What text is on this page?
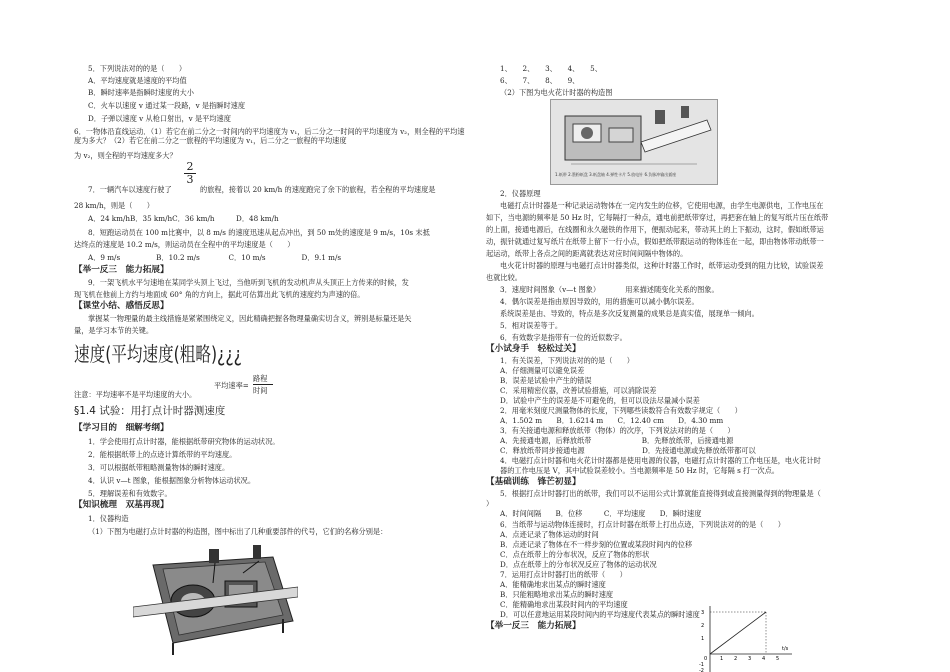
5．下列说法对的的是（　　）
A．平均速度就是速度的平均值
B．瞬时速率是指瞬时速度的大小
C．火车以速度 v 通过某一段路，v 是指瞬时速度
D．子弹以速度 v 从枪口射出，v 是平均速度
6．一物体沿直线运动．（1）若它在前二分之一时间内的平均速度为 v₁，后二分之一时间的平均速度为 v₂，则全程的平均速度为多大？（2）若它在前二分之一旅程的平均速度为 v₁，后二分之一旅程的平均速度
为 v₂，则全程的平均速度多大？
2
3
7．一辆汽车以速度行驶了	的旅程，接着以 20 km/h 的速度跑完了余下的旅程，若全程的平均速度是
28 km/h，则是（　　）
A．24 km/hB．35 km/hC．36 km/h　　　D．48 km/h
8．短跑运动员在 100 m比赛中，以 8 m/s 的速度迅速从起点冲出，到 50 m处的速度是 9 m/s，10s 末抵
达终点的速度是 10.2 m/s，则运动员在全程中的平均速度是（　　）
A．9 m/s　　　　　B．10.2 m/s　　　　C．10 m/s　　　　　D．9.1 m/s
【举一反三　能力拓展】
9．一架飞机水平匀速地在某同学头顶上飞过，当他听到飞机的发动机声从头顶正上方传来的时候，发
现飞机在他前上方约与地面成 60° 角的方向上，据此可估算出此飞机的速度约为声速的倍。
【课堂小结、感悟反思】
掌握某一物理量的最主线措施是紧紧围绕定义，因此精确把握各物理量确实切含义，辨别是标量还是矢
量，是学习本节的关键。
速度(平均速度(粗略)¿¿¿
平均速率=
路程
时间
注意：平均速率不是平均速度的大小。
§1.4 试验：用打点计时器测速度
【学习目的　细解考纲】
1．学会使用打点计时器，能根据纸带研究物体的运动状况。
2．能根据纸带上的点迹计算纸带的平均速度。
3．可以根据纸带粗略测量物体的瞬时速度。
4．认识 v—t 图象，能根据图象分析物体运动状况。
5．理解误差和有效数字。
【知识梳理　双基再现】
1．仪器构造
（1）下图为电磁打点计时器的构造图，图中标出了几种重要部件的代号，它们的名称分别是：
1、　　2、　　3、　　4、　　5、
6、　　7、　　8、　　9、
（2）下图为电火花计时器的构造图
1.纸带 2.墨粉纸盘 3.纸盘轴 4.弹性卡片 5.放电针 6.负脉冲输出插座
2．仪器原理
电磁打点计时器是一种记录运动物体在一定内发生的位移，它使用电源，由学生电源供电，工作电压在
如下，当电源的频率是 50 Hz 时，它每隔打一种点，通电前把纸带穿过，再把套在轴上的复写纸片压在纸带
的上面，接通电源后，在线圈和永久磁铁的作用下，便振动起来，带动其上的上下振动，这时，假如纸带运
动，振针就通过复写纸片在纸带上留下一行小点，假如把纸带跟运动的物体连在一起，即由物体带动纸带一
起运动，纸带上各点之间的距离就表达对应时间间隔中物体的。
电火花计时器的原理与电磁打点计时器类似，这种计时器工作时，纸带运动受到的阻力比较，试验误差
也就比较。
3．速度时间图象（v—t 图象）　　　　用来描述随变化关系的图象。
4．偶尔误差是指由原因导致的，用的措施可以减小偶尔误差。
系统误差是由、导致的，特点是多次反复测量的成果总是真实值，展现单一倾向。
5．相对误差等于。
6．有效数字是指带有一位的近似数字。
【小试身手　轻松过关】
1．有关误差，下列说法对的的是（　　）
A．仔细测量可以避免误差
B．误差是试验中产生的错误
C．采用精密仪器，改善试验措施，可以消除误差
D．试验中产生的误差是不可避免的，但可以设法尽量减小误差
2．用毫米刻度尺测量物体的长度，下列哪些读数符合有效数字规定（　　）
A．1.502 m　　B．1.6214 m　　C．12.40 cm　　D．4.30 mm
3．有关接通电源和释放纸带（物体）的次序，下列说法对的的是（　　）
A．先接通电源，后释放纸带　　　　　　　B．先释放纸带，后接通电源
C．释放纸带同步接通电源　　　　　　　　D．先接通电源或先释放纸带都可以
4．电磁打点计时器和电火花计时器都是使用电源的仪器，电磁打点计时器的工作电压是，电火花计时
器的工作电压是 V，其中试验误差较小。当电源频率是 50 Hz 时，它每隔 s 打一次点。
【基础训练　锋芒初显】
5．根据打点计时器打出的纸带，我们可以不运用公式计算就能直接得到或直接测量得到的物理量是（
）
A．时间间隔　　B．位移　　　C．平均速度　　D．瞬时速度
6．当纸带与运动物体连接时，打点计时器在纸带上打出点迹，下列说法对的的是（　　）
A．点迹记录了物体运动的时间
B．点迹记录了物体在不一样步刻的位置或某段时间内的位移
C．点在纸带上的分布状况，反应了物体的形状
D．点在纸带上的分布状况反应了物体的运动状况
7．运用打点计时器打出的纸带（　　）
A．能精确地求出某点的瞬时速度
B．只能粗略地求出某点的瞬时速度
C．能精确地求出某段时间内的平均速度
D．可以任意地运用某段时间内的平均速度代表某点的瞬时速度
【举一反三　能力拓展】
3
2
1
0
-1
-2
1 2 3 4 5
t/s
